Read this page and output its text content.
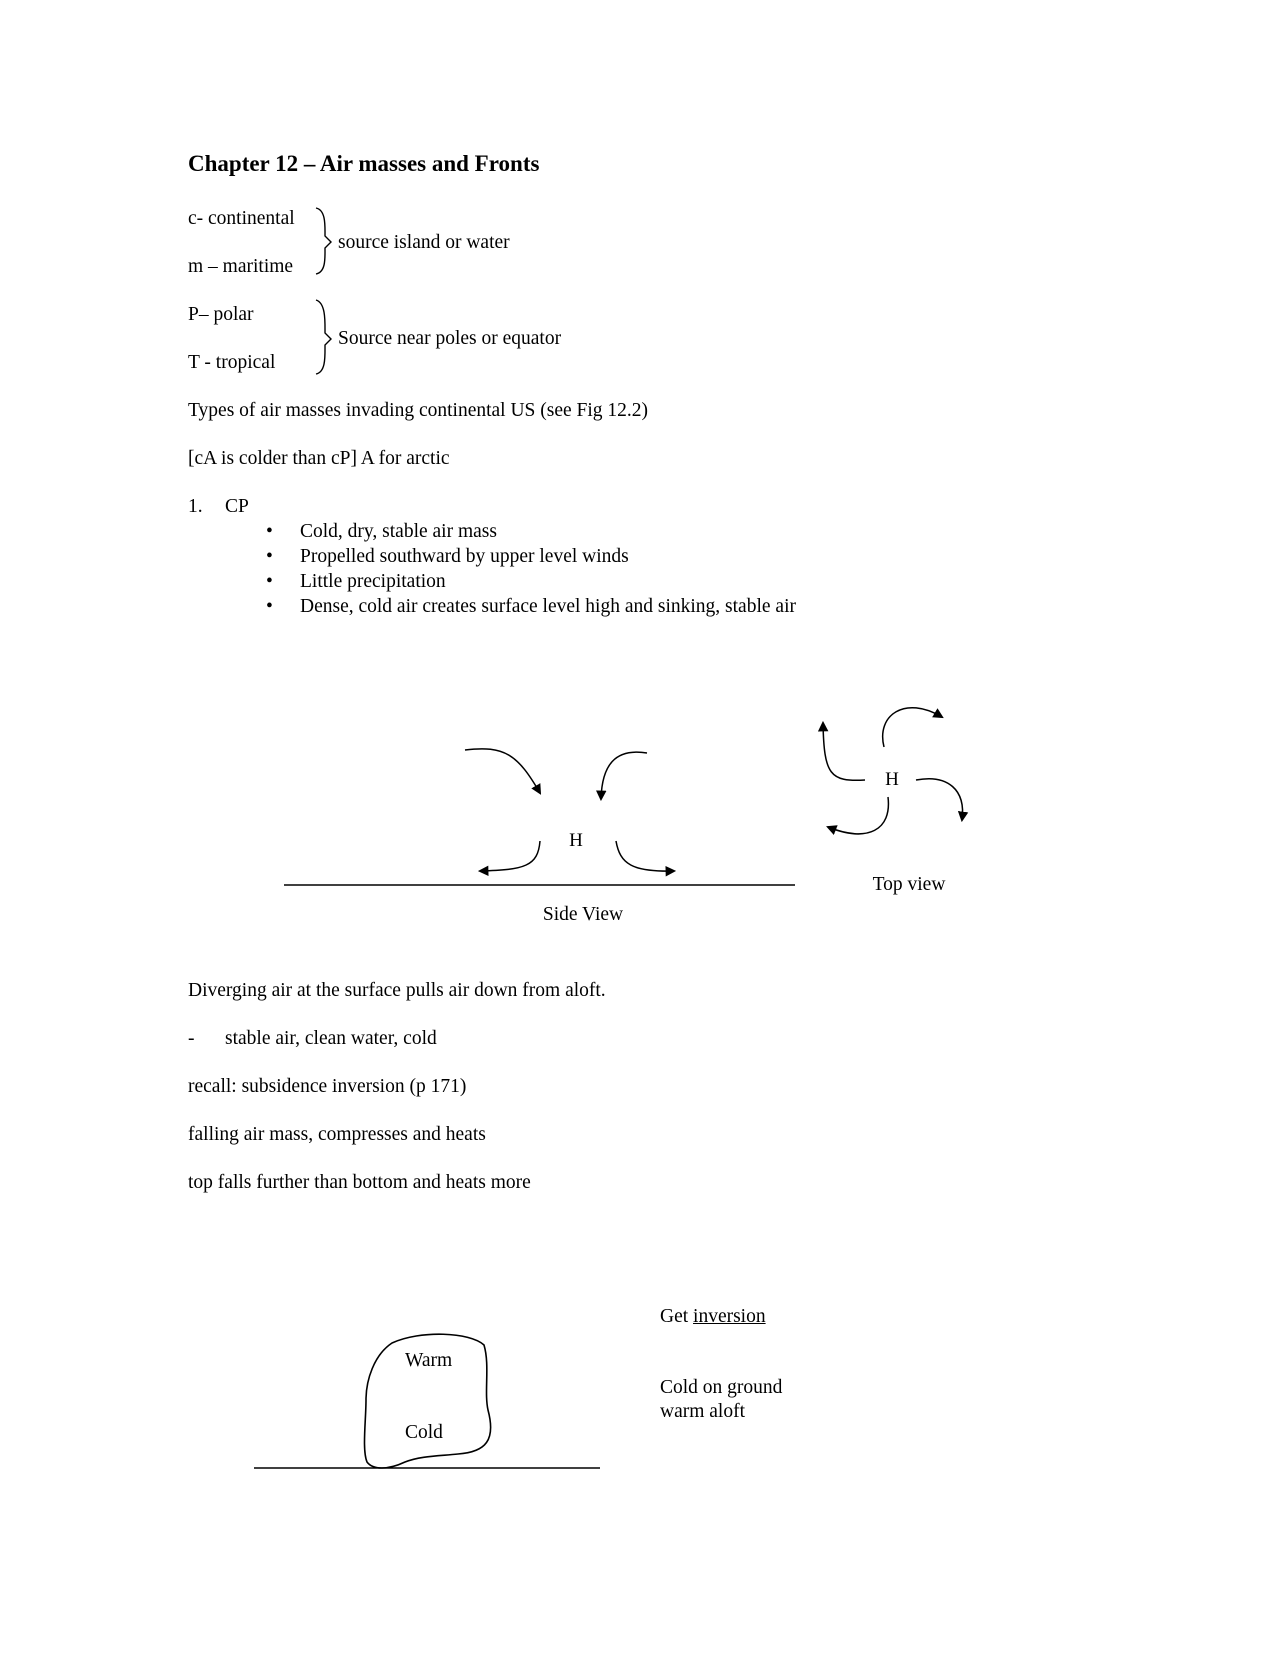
Chapter 12 – Air masses and Fronts
c- continental
m – maritime
source island or water
P– polar
T - tropical
Source near poles or equator
Types of air masses invading continental US (see Fig 12.2)
[cA is colder than cP] A for arctic
1. CP
• Cold, dry, stable air mass
• Propelled southward by upper level winds
• Little precipitation
• Dense, cold air creates surface level high and sinking, stable air
H
Side View
H
Top view
Diverging air at the surface pulls air down from aloft.
- stable air, clean water, cold
recall: subsidence inversion (p 171)
falling air mass, compresses and heats
top falls further than bottom and heats more
Warm
Cold
Get inversion
Cold on ground warm aloft
